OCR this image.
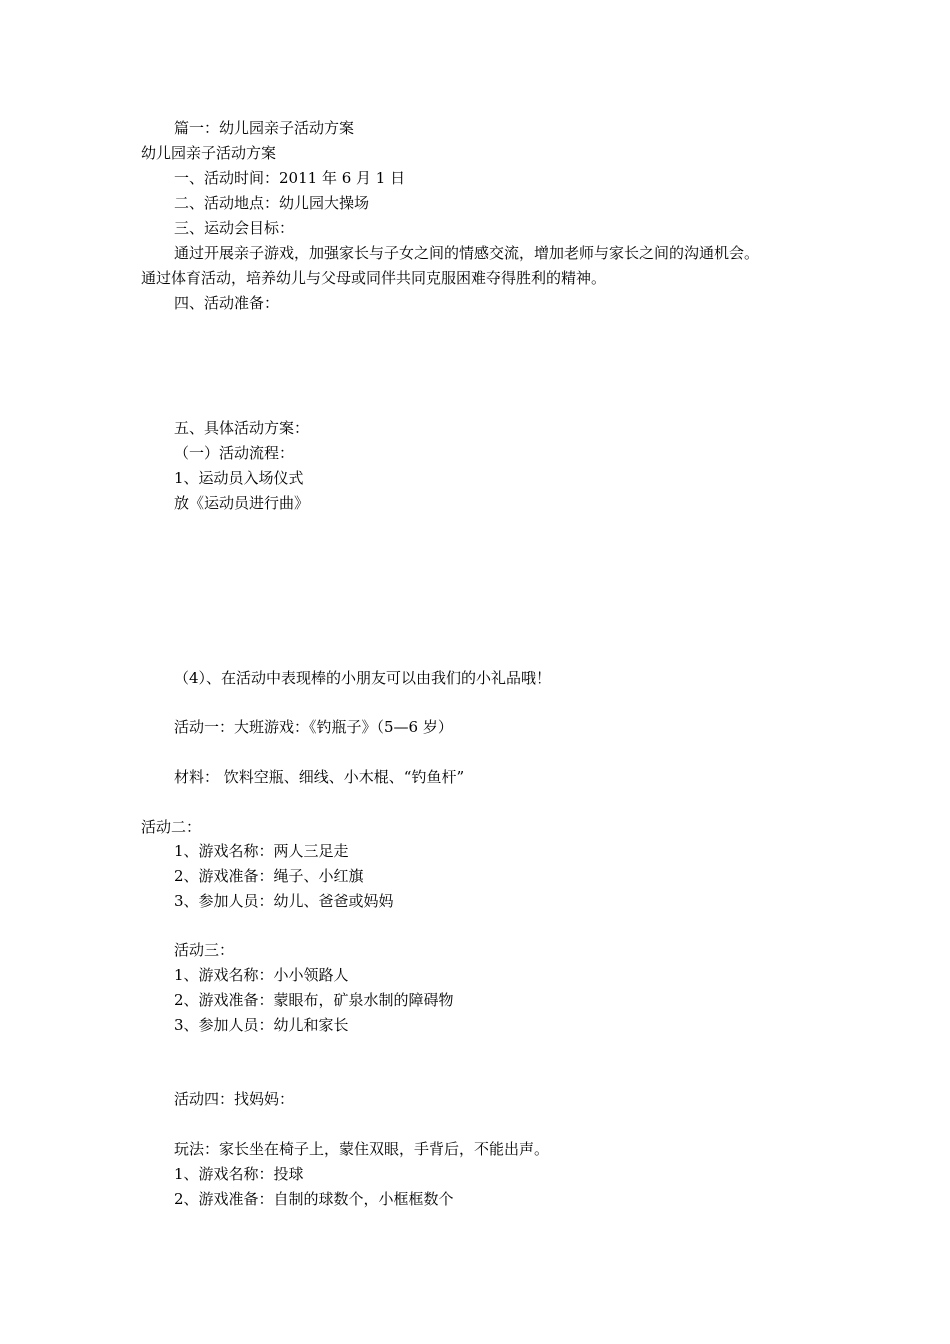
篇一：幼儿园亲子活动方案

幼儿园亲子活动方案

一、活动时间：2011 年 6 月 1 日

二、活动地点：幼儿园大操场

三、运动会目标：

通过开展亲子游戏，加强家长与子女之间的情感交流，增加老师与家长之间的沟通机会。

通过体育活动，培养幼儿与父母或同伴共同克服困难夺得胜利的精神。

四、活动准备：

五、具体活动方案：

（一）活动流程：

1、运动员入场仪式

放《运动员进行曲》

（4）、在活动中表现棒的小朋友可以由我们的小礼品哦！

活动一：大班游戏：《钓瓶子》（5—6 岁）

材料： 饮料空瓶、细线、小木棍、“钓鱼杆”

活动二：

1、游戏名称：两人三足走

2、游戏准备：绳子、小红旗

3、参加人员：幼儿、爸爸或妈妈

活动三：

1、游戏名称：小小领路人

2、游戏准备：蒙眼布，矿泉水制的障碍物

3、参加人员：幼儿和家长

活动四：找妈妈：

玩法：家长坐在椅子上，蒙住双眼，手背后，不能出声。

1、游戏名称：投球

2、游戏准备：自制的球数个，小框框数个
